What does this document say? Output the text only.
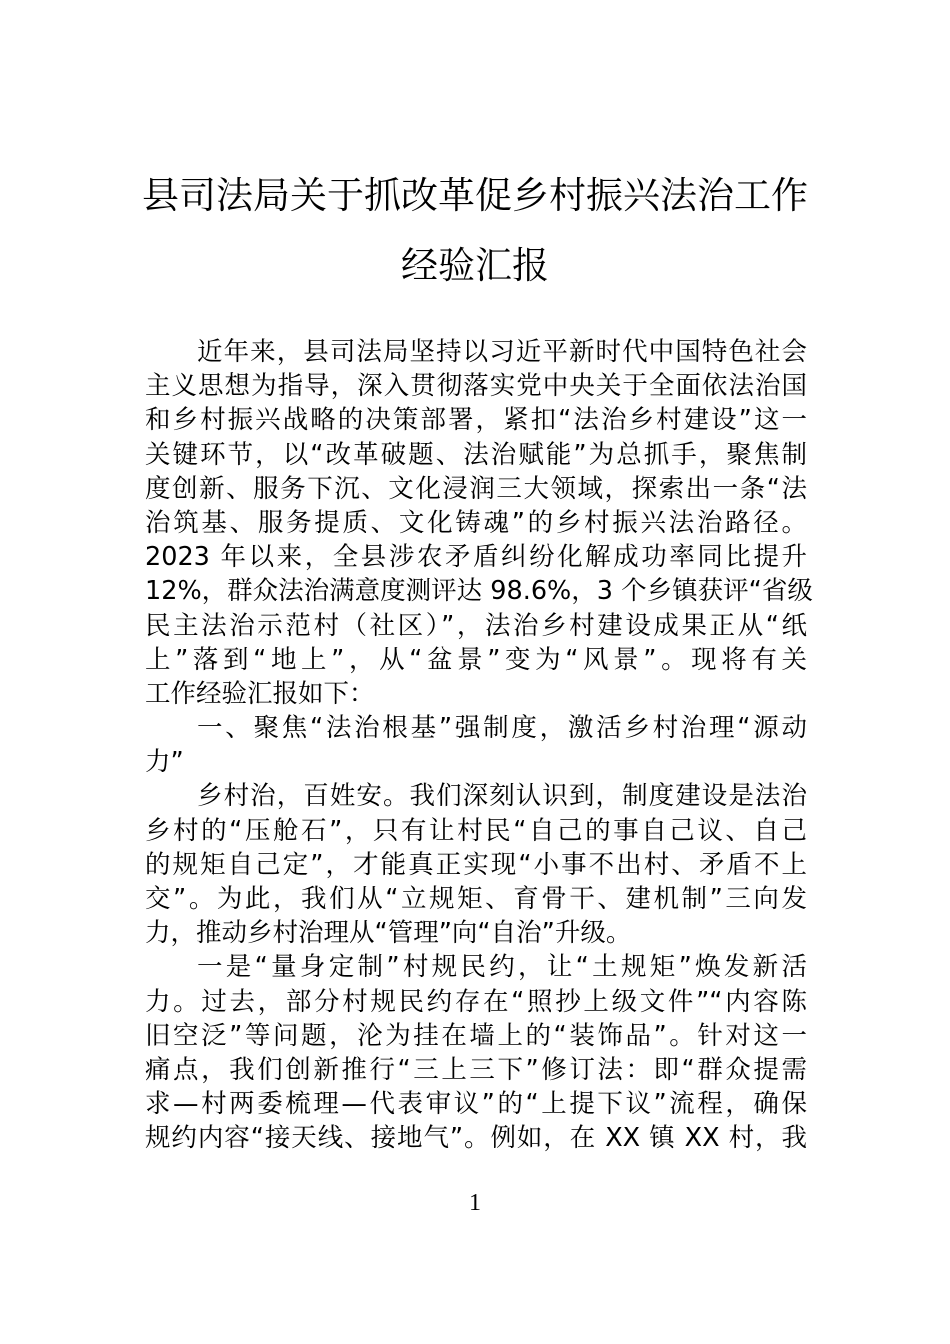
县司法局关于抓改革促乡村振兴法治工作
经验汇报
近年来，县司法局坚持以习近平新时代中国特色社会
主义思想为指导，深入贯彻落实党中央关于全面依法治国
和乡村振兴战略的决策部署，紧扣“法治乡村建设”这一
关键环节，以“改革破题、法治赋能”为总抓手，聚焦制
度创新、服务下沉、文化浸润三大领域，探索出一条“法
治筑基、服务提质、文化铸魂”的乡村振兴法治路径。
2023 年以来，全县涉农矛盾纠纷化解成功率同比提升
12%，群众法治满意度测评达 98.6%，3 个乡镇获评“省级
民主法治示范村（社区）”，法治乡村建设成果正从“纸
上”落到“地上”，从“盆景”变为“风景”。现将有关
工作经验汇报如下：
一、聚焦“法治根基”强制度，激活乡村治理“源动
力”
乡村治，百姓安。我们深刻认识到，制度建设是法治
乡村的“压舱石”，只有让村民“自己的事自己议、自己
的规矩自己定”，才能真正实现“小事不出村、矛盾不上
交”。为此，我们从“立规矩、育骨干、建机制”三向发
力，推动乡村治理从“管理”向“自治”升级。
一是“量身定制”村规民约，让“土规矩”焕发新活
力。过去，部分村规民约存在“照抄上级文件”“内容陈
旧空泛”等问题，沦为挂在墙上的“装饰品”。针对这一
痛点，我们创新推行“三上三下”修订法：即“群众提需
求—村两委梳理—代表审议”的“上提下议”流程，确保
规约内容“接天线、接地气”。例如，在 XX 镇 XX 村，我
1
